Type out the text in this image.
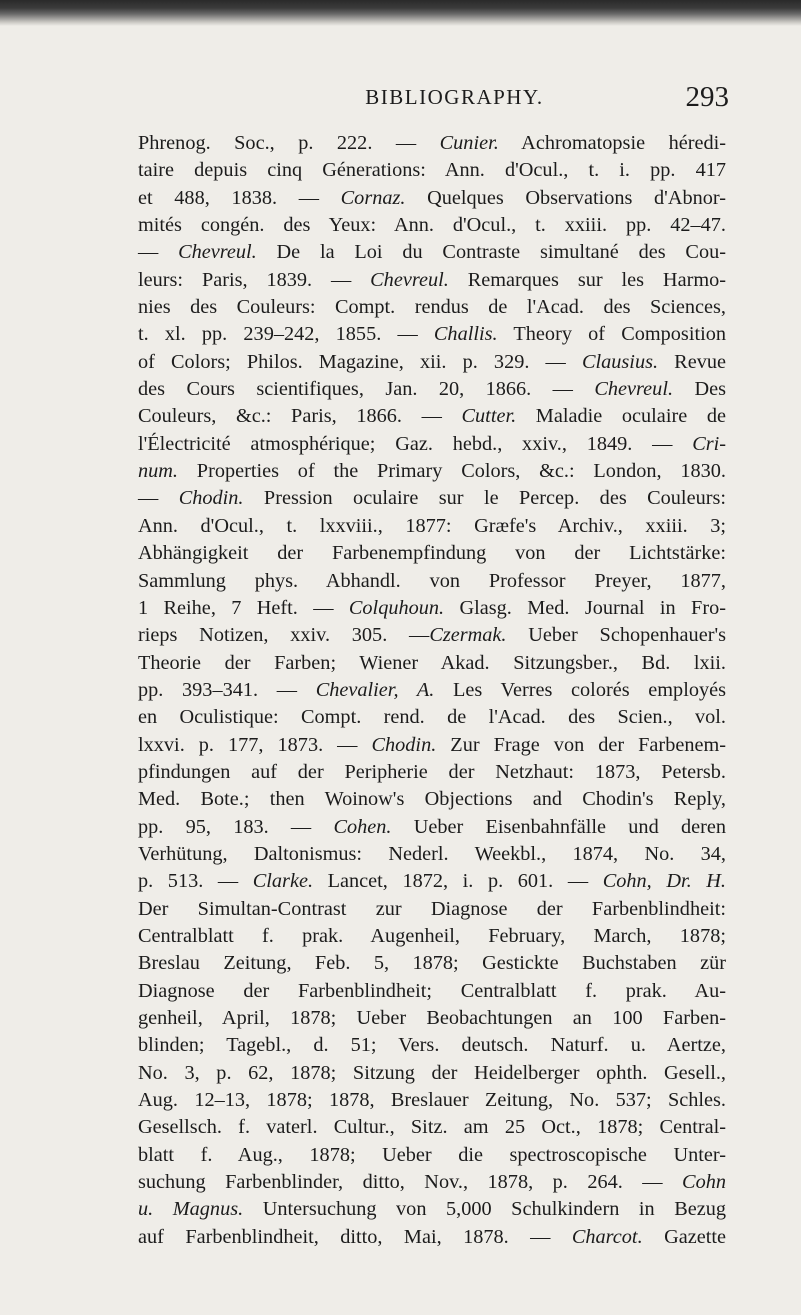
BIBLIOGRAPHY.	293
Phrenog. Soc., p. 222. — Cunier. Achromatopsie héredi-
taire depuis cinq Génerations: Ann. d'Ocul., t. i. pp. 417
et 488, 1838. — Cornaz. Quelques Observations d'Abnor-
mités congén. des Yeux: Ann. d'Ocul., t. xxiii. pp. 42–47.
— Chevreul. De la Loi du Contraste simultané des Cou-
leurs: Paris, 1839. — Chevreul. Remarques sur les Harmo-
nies des Couleurs: Compt. rendus de l'Acad. des Sciences,
t. xl. pp. 239–242, 1855. — Challis. Theory of Composition
of Colors; Philos. Magazine, xii. p. 329. — Clausius. Revue
des Cours scientifiques, Jan. 20, 1866. — Chevreul. Des
Couleurs, &c.: Paris, 1866. — Cutter. Maladie oculaire de
l'Électricité atmosphérique; Gaz. hebd., xxiv., 1849. — Cri-
num. Properties of the Primary Colors, &c.: London, 1830.
— Chodin. Pression oculaire sur le Percep. des Couleurs:
Ann. d'Ocul., t. lxxviii., 1877: Græfe's Archiv., xxiii. 3;
Abhängigkeit der Farbenempfindung von der Lichtstärke:
Sammlung phys. Abhandl. von Professor Preyer, 1877,
1 Reihe, 7 Heft. — Colquhoun. Glasg. Med. Journal in Fro-
rieps Notizen, xxiv. 305. —Czermak. Ueber Schopenhauer's
Theorie der Farben; Wiener Akad. Sitzungsber., Bd. lxii.
pp. 393–341. — Chevalier, A. Les Verres colorés employés
en Oculistique: Compt. rend. de l'Acad. des Scien., vol.
lxxvi. p. 177, 1873. — Chodin. Zur Frage von der Farbenem-
pfindungen auf der Peripherie der Netzhaut: 1873, Petersb.
Med. Bote.; then Woinow's Objections and Chodin's Reply,
pp. 95, 183. — Cohen. Ueber Eisenbahnfälle und deren
Verhütung, Daltonismus: Nederl. Weekbl., 1874, No. 34,
p. 513. — Clarke. Lancet, 1872, i. p. 601. — Cohn, Dr. H.
Der Simultan-Contrast zur Diagnose der Farbenblindheit:
Centralblatt f. prak. Augenheil, February, March, 1878;
Breslau Zeitung, Feb. 5, 1878; Gestickte Buchstaben zür
Diagnose der Farbenblindheit; Centralblatt f. prak. Au-
genheil, April, 1878; Ueber Beobachtungen an 100 Farben-
blinden; Tagebl., d. 51; Vers. deutsch. Naturf. u. Aertze,
No. 3, p. 62, 1878; Sitzung der Heidelberger ophth. Gesell.,
Aug. 12–13, 1878; 1878, Breslauer Zeitung, No. 537; Schles.
Gesellsch. f. vaterl. Cultur., Sitz. am 25 Oct., 1878; Central-
blatt f. Aug., 1878; Ueber die spectroscopische Unter-
suchung Farbenblinder, ditto, Nov., 1878, p. 264. — Cohn
u. Magnus. Untersuchung von 5,000 Schulkindern in Bezug
auf Farbenblindheit, ditto, Mai, 1878. — Charcot. Gazette
